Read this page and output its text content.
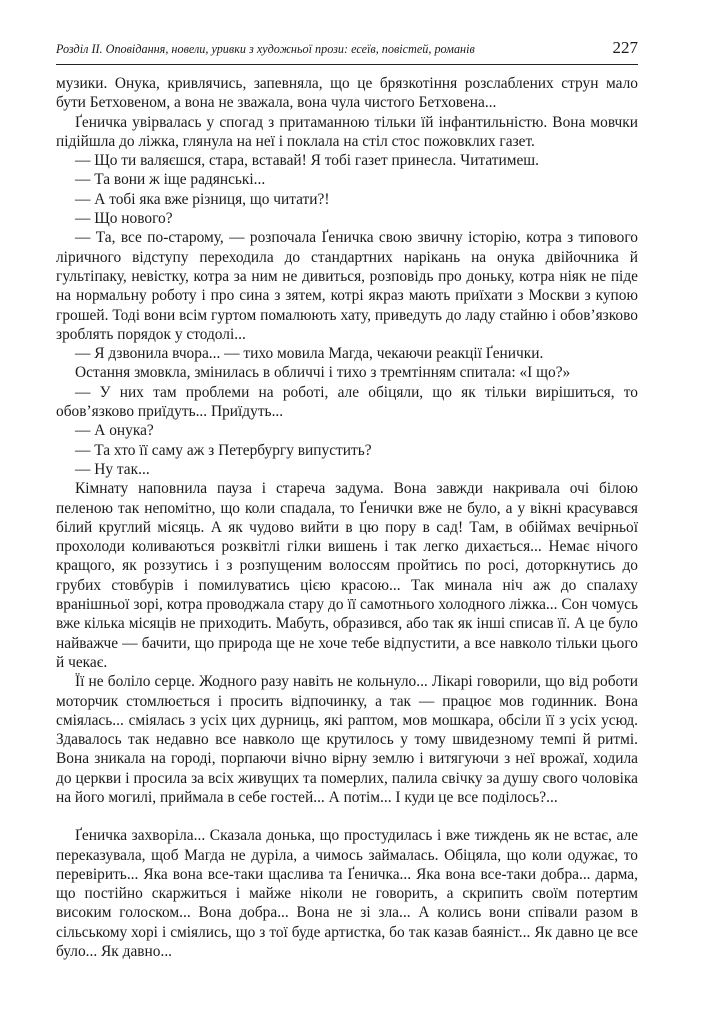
Розділ ІІ. Оповідання, новели, уривки з художньої прози: есеїв, повістей, романів	227

музики. Онука, кривлячись, запевняла, що це брязкотіння розслаблених струн мало бути Бетховеном, а вона не зважала, вона чула чистого Бетховена...

Ґеничка увірвалась у спогад з притаманною тільки їй інфантильністю. Вона мовчки підійшла до ліжка, глянула на неї і поклала на стіл стос пожовклих газет.

— Що ти валяєшся, стара, вставай! Я тобі газет принесла. Читатимеш.

— Та вони ж іще радянські...

— А тобі яка вже різниця, що читати?!

— Що нового?

— Та, все по-старому, — розпочала Ґеничка свою звичну історію, котра з типового ліричного відступу переходила до стандартних нарікань на онука двійочника й гультіпаку, невістку, котра за ним не дивиться, розповідь про доньку, котра ніяк не піде на нормальну роботу і про сина з зятем, котрі якраз мають приїхати з Москви з купою грошей. Тоді вони всім гуртом помалюють хату, приведуть до ладу стайню і обов’язково зроблять порядок у стодолі...

— Я дзвонила вчора... — тихо мовила Магда, чекаючи реакції Ґенички.

Остання змовкла, змінилась в обличчі і тихо з тремтінням спитала: «І що?»

— У них там проблеми на роботі, але обіцяли, що як тільки вирішиться, то обов’язково приїдуть... Приїдуть...

— А онука?

— Та хто її саму аж з Петербургу випустить?

— Ну так...

Кімнату наповнила пауза і стареча задума. Вона завжди накривала очі білою пеленою так непомітно, що коли спадала, то Ґенички вже не було, а у вікні красувався білий круглий місяць. А як чудово вийти в цю пору в сад! Там, в обіймах вечірньої прохолоди коливаються розквітлі гілки вишень і так легко дихається... Немає нічого кращого, як роззутись і з розпущеним волоссям пройтись по росі, доторкнутись до грубих стовбурів і помилуватись цією красою... Так минала ніч аж до спалаху вранішньої зорі, котра проводжала стару до її самотнього холодного ліжка... Сон чомусь вже кілька місяців не приходить. Мабуть, образився, або так як інші списав її. А це було найважче — бачити, що природа ще не хоче тебе відпустити, а все навколо тільки цього й чекає.

Її не боліло серце. Жодного разу навіть не кольнуло... Лікарі говорили, що від роботи моторчик стомлюється і просить відпочинку, а так — працює мов годинник. Вона сміялась... сміялась з усіх цих дурниць, які раптом, мов мошкара, обсіли її з усіх усюд. Здавалось так недавно все навколо ще крутилось у тому швидезному темпі й ритмі. Вона зникала на городі, порпаючи вічно вірну землю і витягуючи з неї врожаї, ходила до церкви і просила за всіх живущих та померлих, палила свічку за душу свого чоловіка на його могилі, приймала в себе гостей... А потім... І куди це все поділось?...

Ґеничка захворіла... Сказала донька, що простудилась і вже тиждень як не встає, але переказувала, щоб Магда не дуріла, а чимось займалась. Обіцяла, що коли одужає, то перевірить... Яка вона все-таки щаслива та Ґеничка... Яка вона все-таки добра... дарма, що постійно скаржиться і майже ніколи не говорить, а скрипить своїм потертим високим голоском... Вона добра... Вона не зі зла... А колись вони співали разом в сільському хорі і сміялись, що з тої буде артистка, бо так казав баяніст... Як давно це все було... Як давно...
